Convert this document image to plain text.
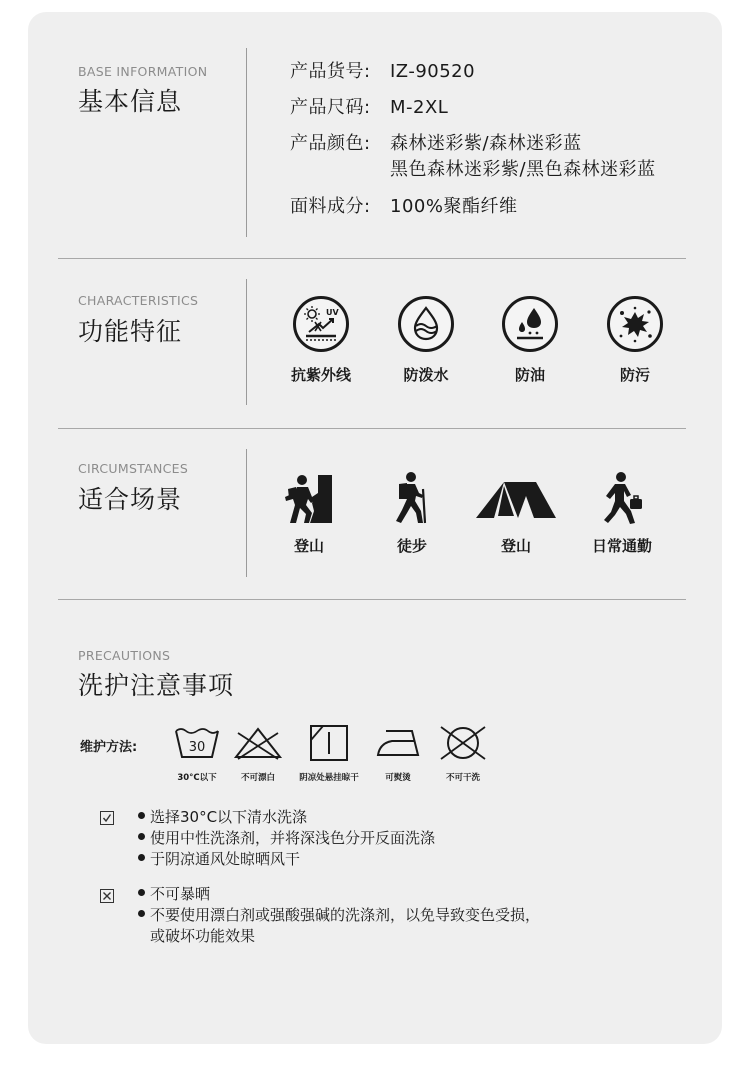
BASE INFORMATION
基本信息
产品货号: IZ-90520
产品尺码: M-2XL
产品颜色: 森林迷彩紫/森林迷彩蓝
黑色森林迷彩紫/黑色森林迷彩蓝
面料成分: 100%聚酯纤维
CHARACTERISTICS
功能特征
UV
抗紫外线	防泼水	防油	防污
CIRCUMSTANCES
适合场景
登山	徒步	登山	日常通勤
PRECAUTIONS
洗护注意事项
维护方法:	30
30°C以下	不可漂白	阴凉处悬挂晾干	可熨烫	不可干洗
选择30°C以下清水洗涤
使用中性洗涤剂，并将深浅色分开反面洗涤
于阴凉通风处晾晒风干
不可暴晒
不要使用漂白剂或强酸强碱的洗涤剂，以免导致变色受损，
或破坏功能效果
